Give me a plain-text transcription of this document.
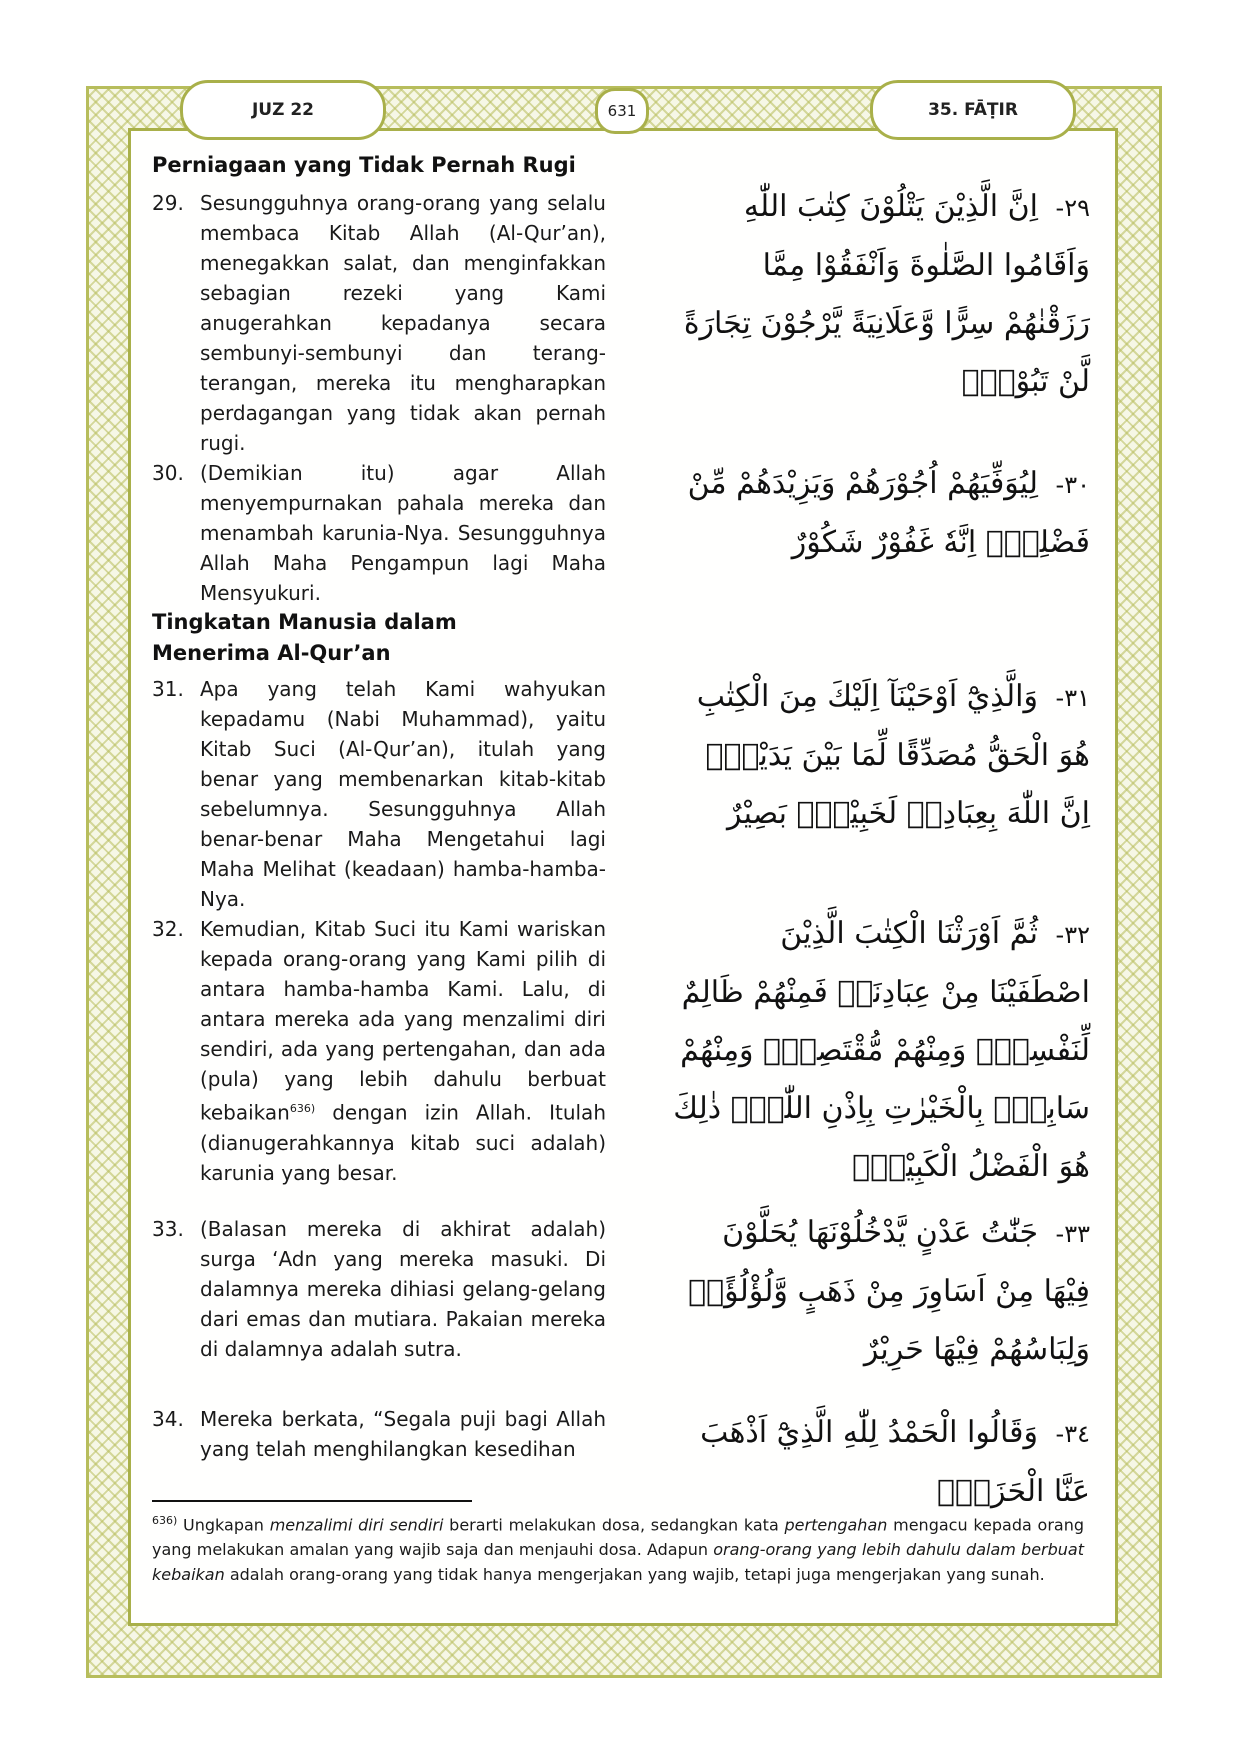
JUZ 22	631	35. FĀṬIR
Perniagaan yang Tidak Pernah Rugi
29. Sesungguhnya orang-orang yang selalu membaca Kitab Allah (Al-Qur’an), menegakkan salat, dan menginfakkan sebagian rezeki yang Kami anugerahkan kepadanya secara sembunyi-sembunyi dan terang-terangan, mereka itu mengharapkan perdagangan yang tidak akan pernah rugi.
٢٩- اِنَّ الَّذِيْنَ يَتْلُوْنَ كِتٰبَ اللّٰهِ وَاَقَامُوا الصَّلٰوةَ وَاَنْفَقُوْا مِمَّا رَزَقْنٰهُمْ سِرًّا وَّعَلَانِيَةً يَّرْجُوْنَ تِجَارَةً لَّنْ تَبُوْرَۙ
30. (Demikian itu) agar Allah menyempurnakan pahala mereka dan menambah karunia-Nya. Sesungguhnya Allah Maha Pengampun lagi Maha Mensyukuri.
٣٠- لِيُوَفِّيَهُمْ اُجُوْرَهُمْ وَيَزِيْدَهُمْ مِّنْ فَضْلِهٖۗ اِنَّهٗ غَفُوْرٌ شَكُوْرٌ
Tingkatan Manusia dalam Menerima Al-Qur’an
31. Apa yang telah Kami wahyukan kepadamu (Nabi Muhammad), yaitu Kitab Suci (Al-Qur’an), itulah yang benar yang membenarkan kitab-kitab sebelumnya. Sesungguhnya Allah benar-benar Maha Mengetahui lagi Maha Melihat (keadaan) hamba-hamba-Nya.
٣١- وَالَّذِيْٓ اَوْحَيْنَآ اِلَيْكَ مِنَ الْكِتٰبِ هُوَ الْحَقُّ مُصَدِّقًا لِّمَا بَيْنَ يَدَيْهِۗ اِنَّ اللّٰهَ بِعِبَادِهٖ لَخَبِيْرٌۢ بَصِيْرٌ
32. Kemudian, Kitab Suci itu Kami wariskan kepada orang-orang yang Kami pilih di antara hamba-hamba Kami. Lalu, di antara mereka ada yang menzalimi diri sendiri, ada yang pertengahan, dan ada (pula) yang lebih dahulu berbuat kebaikan$^{636)}$ dengan izin Allah. Itulah (dianugerahkannya kitab suci adalah) karunia yang besar.
٣٢- ثُمَّ اَوْرَثْنَا الْكِتٰبَ الَّذِيْنَ اصْطَفَيْنَا مِنْ عِبَادِنَاۚ فَمِنْهُمْ ظَالِمٌ لِّنَفْسِهٖۚ وَمِنْهُمْ مُّقْتَصِدٌۚ وَمِنْهُمْ سَابِقٌۢ بِالْخَيْرٰتِ بِاِذْنِ اللّٰهِۗ ذٰلِكَ هُوَ الْفَضْلُ الْكَبِيْرُۗ
33. (Balasan mereka di akhirat adalah) surga ‘Adn yang mereka masuki. Di dalamnya mereka dihiasi gelang-gelang dari emas dan mutiara. Pakaian mereka di dalamnya adalah sutra.
٣٣- جَنّٰتُ عَدْنٍ يَّدْخُلُوْنَهَا يُحَلَّوْنَ فِيْهَا مِنْ اَسَاوِرَ مِنْ ذَهَبٍ وَّلُؤْلُؤًاۚ وَلِبَاسُهُمْ فِيْهَا حَرِيْرٌ
34. Mereka berkata, “Segala puji bagi Allah yang telah menghilangkan kesedihan
٣٤- وَقَالُوا الْحَمْدُ لِلّٰهِ الَّذِيْٓ اَذْهَبَ عَنَّا الْحَزَنَۗ
$^{636)}$ Ungkapan menzalimi diri sendiri berarti melakukan dosa, sedangkan kata pertengahan mengacu kepada orang yang melakukan amalan yang wajib saja dan menjauhi dosa. Adapun orang-orang yang lebih dahulu dalam berbuat kebaikan adalah orang-orang yang tidak hanya mengerjakan yang wajib, tetapi juga mengerjakan yang sunah.
